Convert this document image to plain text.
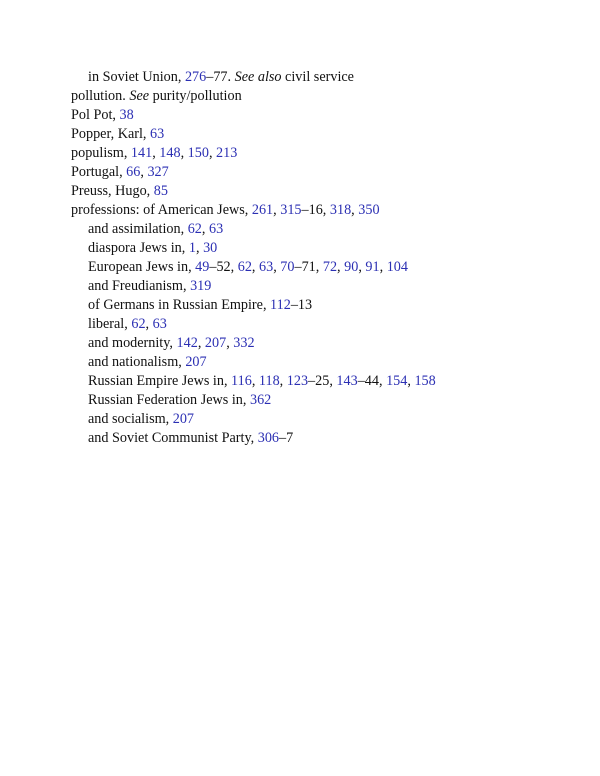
in Soviet Union, 276–77. See also civil service
pollution. See purity/pollution
Pol Pot, 38
Popper, Karl, 63
populism, 141, 148, 150, 213
Portugal, 66, 327
Preuss, Hugo, 85
professions: of American Jews, 261, 315–16, 318, 350
and assimilation, 62, 63
diaspora Jews in, 1, 30
European Jews in, 49–52, 62, 63, 70–71, 72, 90, 91, 104
and Freudianism, 319
of Germans in Russian Empire, 112–13
liberal, 62, 63
and modernity, 142, 207, 332
and nationalism, 207
Russian Empire Jews in, 116, 118, 123–25, 143–44, 154, 158
Russian Federation Jews in, 362
and socialism, 207
and Soviet Communist Party, 306–7
